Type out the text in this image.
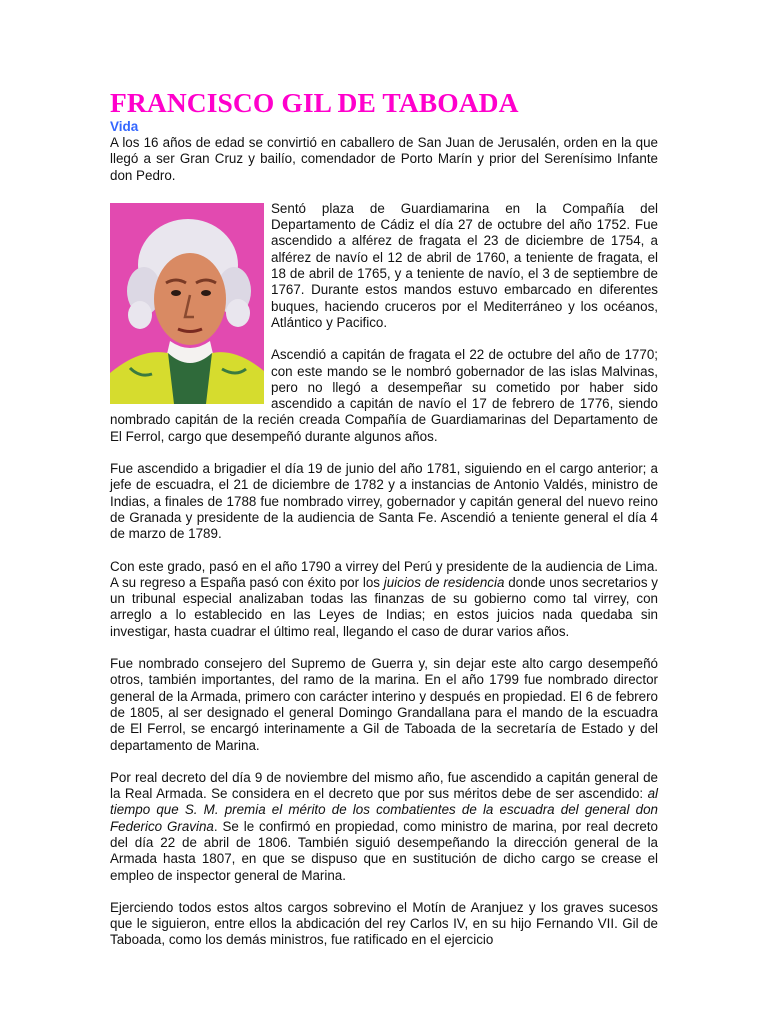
FRANCISCO GIL DE TABOADA
Vida

A los 16 años de edad se convirtió en caballero de San Juan de Jerusalén, orden en la que llegó a ser Gran Cruz y bailío, comendador de Porto Marín y prior del Serenísimo Infante don Pedro.

Sentó plaza de Guardiamarina en la Compañía del Departamento de Cádiz el día 27 de octubre del año 1752. Fue ascendido a alférez de fragata el 23 de diciembre de 1754, a alférez de navío el 12 de abril de 1760, a teniente de fragata, el 18 de abril de 1765, y a teniente de navío, el 3 de septiembre de 1767. Durante estos mandos estuvo embarcado en diferentes buques, haciendo cruceros por el Mediterráneo y los océanos, Atlántico y Pacifico.

Ascendió a capitán de fragata el 22 de octubre del año de 1770; con este mando se le nombró gobernador de las islas Malvinas, pero no llegó a desempeñar su cometido por haber sido ascendido a capitán de navío el 17 de febrero de 1776, siendo nombrado capitán de la recién creada Compañía de Guardiamarinas del Departamento de El Ferrol, cargo que desempeñó durante algunos años.

Fue ascendido a brigadier el día 19 de junio del año 1781, siguiendo en el cargo anterior; a jefe de escuadra, el 21 de diciembre de 1782 y a instancias de Antonio Valdés, ministro de Indias, a finales de 1788 fue nombrado virrey, gobernador y capitán general del nuevo reino de Granada y presidente de la audiencia de Santa Fe. Ascendió a teniente general el día 4 de marzo de 1789.

Con este grado, pasó en el año 1790 a virrey del Perú y presidente de la audiencia de Lima. A su regreso a España pasó con éxito por los juicios de residencia donde unos secretarios y un tribunal especial analizaban todas las finanzas de su gobierno como tal virrey, con arreglo a lo establecido en las Leyes de Indias; en estos juicios nada quedaba sin investigar, hasta cuadrar el último real, llegando el caso de durar varios años.

Fue nombrado consejero del Supremo de Guerra y, sin dejar este alto cargo desempeñó otros, también importantes, del ramo de la marina. En el año 1799 fue nombrado director general de la Armada, primero con carácter interino y después en propiedad. El 6 de febrero de 1805, al ser designado el general Domingo Grandallana para el mando de la escuadra de El Ferrol, se encargó interinamente a Gil de Taboada de la secretaría de Estado y del departamento de Marina.

Por real decreto del día 9 de noviembre del mismo año, fue ascendido a capitán general de la Real Armada. Se considera en el decreto que por sus méritos debe de ser ascendido: al tiempo que S. M. premia el mérito de los combatientes de la escuadra del general don Federico Gravina. Se le confirmó en propiedad, como ministro de marina, por real decreto del día 22 de abril de 1806. También siguió desempeñando la dirección general de la Armada hasta 1807, en que se dispuso que en sustitución de dicho cargo se crease el empleo de inspector general de Marina.

Ejerciendo todos estos altos cargos sobrevino el Motín de Aranjuez y los graves sucesos que le siguieron, entre ellos la abdicación del rey Carlos IV, en su hijo Fernando VII. Gil de Taboada, como los demás ministros, fue ratificado en el ejercicio
